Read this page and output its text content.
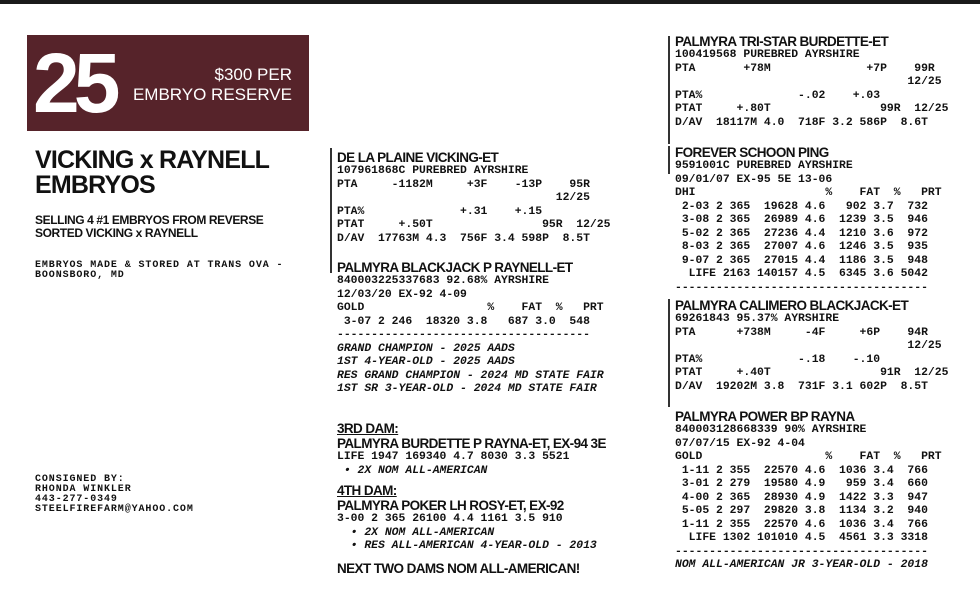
25	$300 PER
EMBRYO RESERVE
VICKING x RAYNELL
EMBRYOS
SELLING 4 #1 EMBRYOS FROM REVERSE
SORTED VICKING x RAYNELL
EMBRYOS MADE & STORED AT TRANS OVA -
BOONSBORO, MD
CONSIGNED BY:
RHONDA WINKLER
443-277-0349
STEELFIREFARM@YAHOO.COM
DE LA PLAINE VICKING-ET
107961868C PUREBRED AYRSHIRE
PTA     -1182M     +3F    -13P    95R
12/25
PTA%              +.31    +.15
PTAT     +.50T                95R  12/25
D/AV  17763M 4.3  756F 3.4 598P  8.5T
PALMYRA BLACKJACK P RAYNELL-ET
840003225337683 92.68% AYRSHIRE
12/03/20 EX-92 4-09
GOLD                  %    FAT  %   PRT
3-07 2 246  18320 3.8   687 3.0  548
-------------------------------------
GRAND CHAMPION - 2025 AADS
1ST 4-YEAR-OLD - 2025 AADS
RES GRAND CHAMPION - 2024 MD STATE FAIR
1ST SR 3-YEAR-OLD - 2024 MD STATE FAIR
3RD DAM:
PALMYRA BURDETTE P RAYNA-ET, EX-94 3E
LIFE 1947 169340 4.7 8030 3.3 5521
• 2X NOM ALL-AMERICAN
4TH DAM:
PALMYRA POKER LH ROSY-ET, EX-92
3-00 2 365 26100 4.4 1161 3.5 910
• 2X NOM ALL-AMERICAN
• RES ALL-AMERICAN 4-YEAR-OLD - 2013
PALMYRA TRI-STAR BURDETTE-ET
100419568 PUREBRED AYRSHIRE
PTA       +78M              +7P    99R
12/25
PTA%              -.02    +.03
PTAT     +.80T                99R  12/25
D/AV  18117M 4.0  718F 3.2 586P  8.6T
FOREVER SCHOON PING
9591001C PUREBRED AYRSHIRE
09/01/07 EX-95 5E 13-06
DHI                   %    FAT  %   PRT
2-03 2 365  19628 4.6   902 3.7  732
3-08 2 365  26989 4.6  1239 3.5  946
5-02 2 365  27236 4.4  1210 3.6  972
8-03 2 365  27007 4.6  1246 3.5  935
9-07 2 365  27015 4.4  1186 3.5  948
LIFE 2163 140157 4.5  6345 3.6 5042
-------------------------------------
PALMYRA CALIMERO BLACKJACK-ET
69261843 95.37% AYRSHIRE
PTA      +738M     -4F     +6P    94R
12/25
PTA%              -.18    -.10
PTAT     +.40T                91R  12/25
D/AV  19202M 3.8  731F 3.1 602P  8.5T
PALMYRA POWER BP RAYNA
840003128668339 90% AYRSHIRE
07/07/15 EX-92 4-04
GOLD                  %    FAT  %   PRT
1-11 2 355  22570 4.6  1036 3.4  766
3-01 2 279  19580 4.9   959 3.4  660
4-00 2 365  28930 4.9  1422 3.3  947
5-05 2 297  29820 3.8  1134 3.2  940
1-11 2 355  22570 4.6  1036 3.4  766
LIFE 1302 101010 4.5  4561 3.3 3318
-------------------------------------
NOM ALL-AMERICAN JR 3-YEAR-OLD - 2018
NEXT TWO DAMS NOM ALL-AMERICAN!
